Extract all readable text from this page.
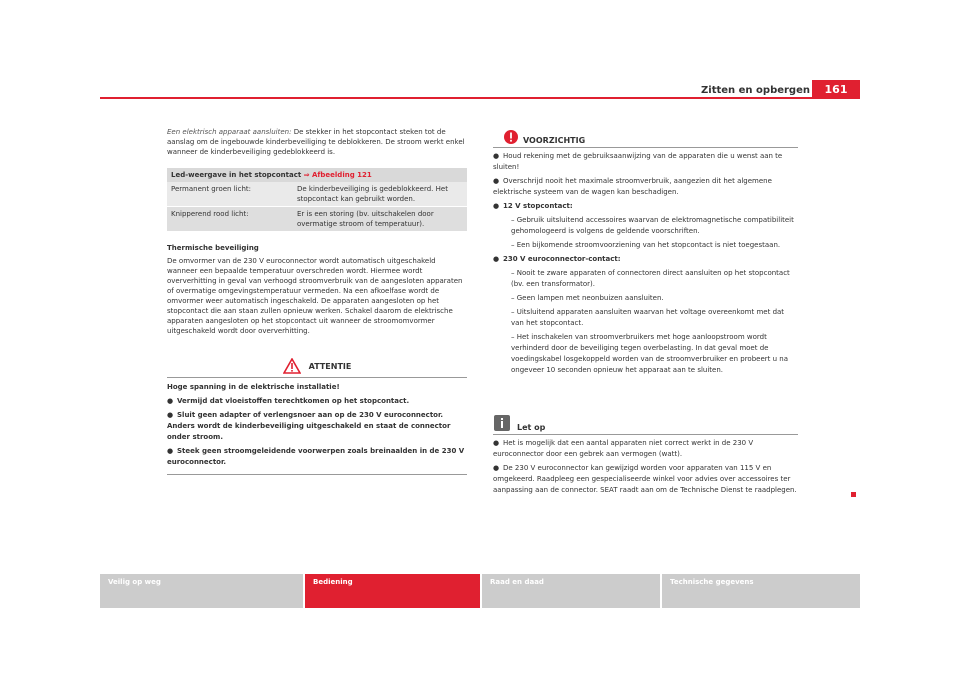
Zitten en opbergen	161

Een elektrisch apparaat aansluiten: De stekker in het stopcontact steken tot de aanslag om de ingebouwde kinderbeveiliging te deblokkeren. De stroom werkt enkel wanneer de kinderbeveiliging gedeblokkeerd is.

Led-weergave in het stopcontact ⇒ Afbeelding 121	
Permanent groen licht:	De kinderbeveiliging is gedeblokkeerd. Het stopcontact kan gebruikt worden.
Knipperend rood licht:	Er is een storing (bv. uitschakelen door overmatige stroom of temperatuur).

Thermische beveiliging

De omvormer van de 230 V euroconnector wordt automatisch uitgeschakeld wanneer een bepaalde temperatuur overschreden wordt. Hiermee wordt oververhitting in geval van verhoogd stroomverbruik van de aangesloten apparaten of overmatige omgevingstemperatuur vermeden. Na een afkoelfase wordt de omvormer weer automatisch ingeschakeld. De apparaten aangesloten op het stopcontact die aan staan zullen opnieuw werken. Schakel daarom de elektrische apparaten aangesloten op het stopcontact uit wanneer de stroomomvormer uitgeschakeld wordt door oververhitting.

ATTENTIE

Hoge spanning in de elektrische installatie!

● Vermijd dat vloeistoffen terechtkomen op het stopcontact.

● Sluit geen adapter of verlengsnoer aan op de 230 V euroconnector. Anders wordt de kinderbeveiliging uitgeschakeld en staat de connector onder stroom.

● Steek geen stroomgeleidende voorwerpen zoals breinaalden in de 230 V euroconnector.

VOORZICHTIG

● Houd rekening met de gebruiksaanwijzing van de apparaten die u wenst aan te sluiten!

● Overschrijd nooit het maximale stroomverbruik, aangezien dit het algemene elektrische systeem van de wagen kan beschadigen.

● 12 V stopcontact:

– Gebruik uitsluitend accessoires waarvan de elektromagnetische compatibiliteit gehomologeerd is volgens de geldende voorschriften.

– Een bijkomende stroomvoorziening van het stopcontact is niet toegestaan.

● 230 V euroconnector-contact:

– Nooit te zware apparaten of connectoren direct aansluiten op het stopcontact (bv. een transformator).

– Geen lampen met neonbuizen aansluiten.

– Uitsluitend apparaten aansluiten waarvan het voltage overeenkomt met dat van het stopcontact.

– Het inschakelen van stroomverbruikers met hoge aanloopstroom wordt verhinderd door de beveiliging tegen overbelasting. In dat geval moet de voedingskabel losgekoppeld worden van de stroomverbruiker en probeert u na ongeveer 10 seconden opnieuw het apparaat aan te sluiten.

Let op

● Het is mogelijk dat een aantal apparaten niet correct werkt in de 230 V euroconnector door een gebrek aan vermogen (watt).

● De 230 V euroconnector kan gewijzigd worden voor apparaten van 115 V en omgekeerd. Raadpleeg een gespecialiseerde winkel voor advies over accessoires ter aanpassing aan de connector. SEAT raadt aan om de Technische Dienst te raadplegen.

Veilig op weg	Bediening	Raad en daad	Technische gegevens
